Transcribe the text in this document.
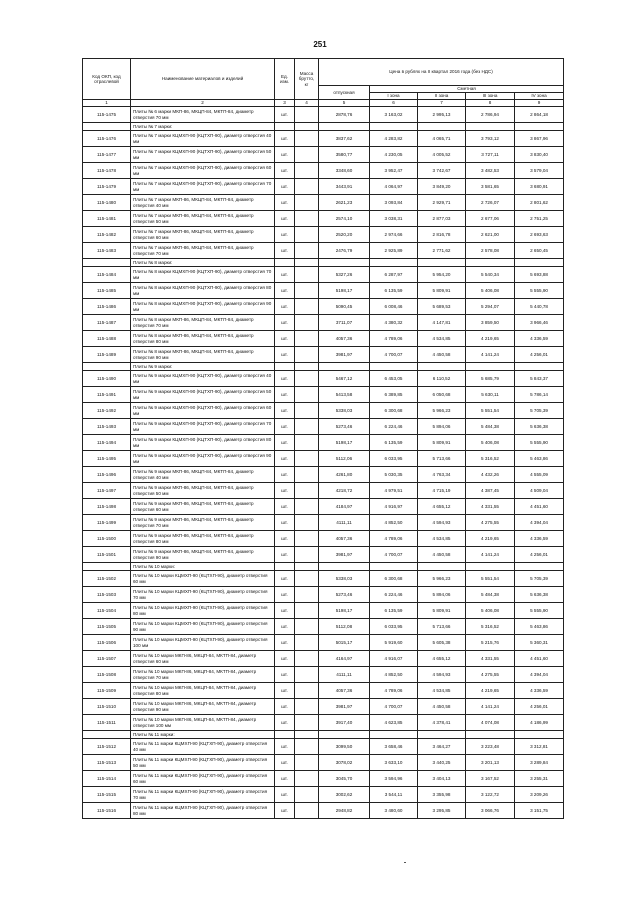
251
Код ОКП, код отраслевой	Наименование материалов и изделий	Ед. изм.	Масса брутто, кг	Цена в рублях на II квартал 2016 года (без НДС)				
				отпускная	Сметная			
					I зона	II зона	III зона	IV зона
1	2	3	4	5	6	7	8	9
115-1475	Плиты № 6 марки МКП-86, МКЦП-84, МКТП-84, диаметр отверстия 70 мм	шт.		2878,76	3 163,02	2 995,13	2 786,94	2 864,18
	Плиты № 7 марки:							
115-1476	Плиты № 7 марки КЦМХП-90 (КЦТХП-90), диаметр отверстия 40 мм	шт.		3837,62	4 283,82	4 065,71	3 793,12	3 867,96
115-1477	Плиты № 7 марки КЦМХП-90 (КЦТХП-90), диаметр отверстия 50 мм	шт.		3580,77	4 230,05	4 005,52	3 727,11	3 830,40
115-1478	Плиты № 7 марки КЦМХП-90 (КЦТХП-90), диаметр отверстия 60 мм	шт.		3348,60	3 952,47	3 742,67	3 482,53	3 579,04
115-1479	Плиты № 7 марки КЦМХП-90 (КЦТХП-90), диаметр отверстия 70 мм	шт.		3443,91	4 064,97	3 849,20	3 581,65	3 680,91
115-1480	Плиты № 7 марки МКП-86, МКЦП-84, МКТП-84, диаметр отверстия 40 мм	шт.		2621,23	3 093,84	2 929,71	2 726,07	2 801,62
115-1481	Плиты № 7 марки МКП-86, МКЦП-84, МКТП-84, диаметр отверстия 50 мм	шт.		2574,10	3 038,31	2 877,03	2 677,06	2 751,25
115-1482	Плиты № 7 марки МКП-86, МКЦП-84, МКТП-84, диаметр отверстия 60 мм	шт.		2520,20	2 974,66	2 816,78	2 621,00	2 693,63
115-1483	Плиты № 7 марки МКП-86, МКЦП-84, МКТП-84, диаметр отверстия 70 мм	шт.		2476,79	2 925,89	2 771,62	2 578,08	2 650,45
	Плиты № 8 марки:							
115-1484	Плиты № 8 марки КЦМХП-90 (КЦТХП-90), диаметр отверстия 70 мм	шт.		5327,26	6 287,97	5 954,20	5 540,34	5 693,88
115-1485	Плиты № 8 марки КЦМХП-90 (КЦТХП-90), диаметр отверстия 80 мм	шт.		5198,17	6 135,59	5 809,91	5 406,08	5 555,90
115-1486	Плиты № 8 марки КЦМХП-90 (КЦТХП-90), диаметр отверстия 90 мм	шт.		5090,45	6 008,46	5 689,53	5 294,07	5 440,78
115-1487	Плиты № 8 марки МКП-86, МКЦП-84, МКТП-84, диаметр отверстия 70 мм	шт.		3711,07	4 380,32	4 147,81	3 859,50	3 966,46
115-1488	Плиты № 8 марки МКП-86, МКЦП-84, МКТП-84, диаметр отверстия 80 мм	шт.		4057,36	4 789,06	4 534,85	4 219,65	4 336,59
115-1489	Плиты № 8 марки МКП-86, МКЦП-84, МКТП-84, диаметр отверстия 90 мм	шт.		3981,97	4 700,07	4 450,58	4 141,24	4 256,01
	Плиты № 9 марки:							
115-1490	Плиты № 9 марки КЦМХП-90 (КЦТХП-90), диаметр отверстия 40 мм	шт.		5467,12	6 453,05	6 110,52	5 685,79	5 843,37
115-1491	Плиты № 9 марки КЦМХП-90 (КЦТХП-90), диаметр отверстия 50 мм	шт.		5413,58	6 389,85	6 050,68	5 630,11	5 786,14
115-1492	Плиты № 9 марки КЦМХП-90 (КЦТХП-90), диаметр отверстия 60 мм	шт.		5338,03	6 300,68	5 966,23	5 551,54	5 705,39
115-1493	Плиты № 9 марки КЦМХП-90 (КЦТХП-90), диаметр отверстия 70 мм	шт.		5273,46	6 224,46	5 894,06	5 484,38	5 636,38
115-1494	Плиты № 9 марки КЦМХП-90 (КЦТХП-90), диаметр отверстия 80 мм	шт.		5198,17	6 135,59	5 809,91	5 406,08	5 555,90
115-1495	Плиты № 9 марки КЦМХП-90 (КЦТХП-90), диаметр отверстия 90 мм	шт.		5112,06	6 033,95	5 713,66	5 316,52	5 463,86
115-1496	Плиты № 9 марки МКП-86, МКЦП-84, МКТП-84, диаметр отверстия 40 мм	шт.		4261,80	5 030,35	4 763,34	4 432,26	4 555,09
115-1497	Плиты № 9 марки МКП-86, МКЦП-84, МКТП-84, диаметр отверстия 50 мм	шт.		4218,72	4 979,51	4 715,19	4 387,45	4 509,04
115-1498	Плиты № 9 марки МКП-86, МКЦП-84, МКТП-84, диаметр отверстия 60 мм	шт.		4184,97	4 916,97	4 655,12	4 331,55	4 451,60
115-1499	Плиты № 9 марки МКП-86, МКЦП-84, МКТП-84, диаметр отверстия 70 мм	шт.		4111,11	4 852,50	4 594,93	4 275,55	4 394,04
115-1500	Плиты № 9 марки МКП-86, МКЦП-84, МКТП-84, диаметр отверстия 80 мм	шт.		4057,36	4 789,06	4 534,85	4 219,65	4 336,59
115-1501	Плиты № 9 марки МКП-86, МКЦП-84, МКТП-84, диаметр отверстия 90 мм	шт.		3981,97	4 700,07	4 450,58	4 141,24	4 256,01
	Плиты № 10 марки:							
115-1502	Плиты № 10 марки КЦМХП-90 (КЦТХП-90), диаметр отверстия 60 мм	шт.		5338,03	6 300,68	5 966,23	5 551,54	5 705,39
115-1503	Плиты № 10 марки КЦМХП-90 (КЦТХП-90), диаметр отверстия 70 мм	шт.		5273,46	6 224,46	5 894,06	5 484,38	5 636,38
115-1504	Плиты № 10 марки КЦМХП-90 (КЦТХП-90), диаметр отверстия 80 мм	шт.		5198,17	6 135,59	5 809,91	5 406,08	5 555,90
115-1505	Плиты № 10 марки КЦМХП-90 (КЦТХП-90), диаметр отверстия 90 мм	шт.		5112,08	6 033,95	5 713,66	5 316,52	5 463,86
115-1506	Плиты № 10 марки КЦМХП-90 (КЦТХП-90), диаметр отверстия 100 мм	шт.		5015,17	5 919,60	5 605,38	5 215,76	5 360,31
115-1507	Плиты № 10 марки МКП-86, МКЦП-84, МКТП-84, диаметр отверстия 60 мм	шт.		4164,97	4 916,07	4 655,12	4 331,55	4 451,60
115-1508	Плиты № 10 марки МКП-86, МКЦП-84, МКТП-84, диаметр отверстия 70 мм	шт.		4111,11	4 852,50	4 594,93	4 275,55	4 394,04
115-1509	Плиты № 10 марки МКП-86, МКЦП-84, МКТП-84, диаметр отверстия 80 мм	шт.		4057,36	4 789,06	4 534,85	4 219,65	4 336,59
115-1510	Плиты № 10 марки МКП-86, МКЦП-84, МКТП-84, диаметр отверстия 90 мм	шт.		3981,97	4 700,07	4 450,58	4 141,24	4 256,01
115-1511	Плиты № 10 марки МКП-86, МКЦП-84, МКТП-84, диаметр отверстия 100 мм	шт.		3917,40	4 623,85	4 378,41	4 074,08	4 186,99
	Плиты № 11 марки:							
115-1512	Плиты № 11 марки КЦМХП-90 (КЦТХП-90), диаметр отверстия 40 мм	шт.		3099,50	3 658,46	3 464,27	3 223,48	3 312,81
115-1513	Плиты № 11 марки КЦМХП-90 (КЦТХП-90), диаметр отверстия 50 мм	шт.		3078,02	3 633,10	3 440,25	3 201,13	3 289,84
115-1514	Плиты № 11 марки КЦМХП-90 (КЦТХП-90), диаметр отверстия 60 мм	шт.		3045,70	3 594,96	3 404,13	3 167,52	3 255,31
115-1515	Плиты № 11 марки КЦМХП-90 (КЦТХП-90), диаметр отверстия 70 мм	шт.		3002,62	3 544,11	3 355,98	3 122,72	3 209,26
115-1516	Плиты № 11 марки КЦМХП-90 (КЦТХП-90), диаметр отверстия 80 мм	шт.		2948,82	3 480,60	3 295,85	3 066,76	3 151,75
